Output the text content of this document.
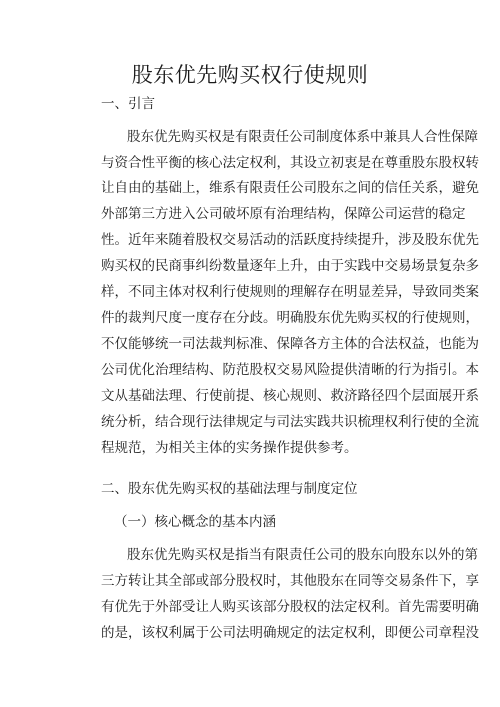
股东优先购买权行使规则
一、引言
股东优先购买权是有限责任公司制度体系中兼具人合性保障
与资合性平衡的核心法定权利，其设立初衷是在尊重股东股权转
让自由的基础上，维系有限责任公司股东之间的信任关系，避免
外部第三方进入公司破坏原有治理结构，保障公司运营的稳定
性。近年来随着股权交易活动的活跃度持续提升，涉及股东优先
购买权的民商事纠纷数量逐年上升，由于实践中交易场景复杂多
样，不同主体对权利行使规则的理解存在明显差异，导致同类案
件的裁判尺度一度存在分歧。明确股东优先购买权的行使规则，
不仅能够统一司法裁判标准、保障各方主体的合法权益，也能为
公司优化治理结构、防范股权交易风险提供清晰的行为指引。本
文从基础法理、行使前提、核心规则、救济路径四个层面展开系
统分析，结合现行法律规定与司法实践共识梳理权利行使的全流
程规范，为相关主体的实务操作提供参考。
二、股东优先购买权的基础法理与制度定位
（一）核心概念的基本内涵
股东优先购买权是指当有限责任公司的股东向股东以外的第
三方转让其全部或部分股权时，其他股东在同等交易条件下，享
有优先于外部受让人购买该部分股权的法定权利。首先需要明确
的是，该权利属于公司法明确规定的法定权利，即便公司章程没
